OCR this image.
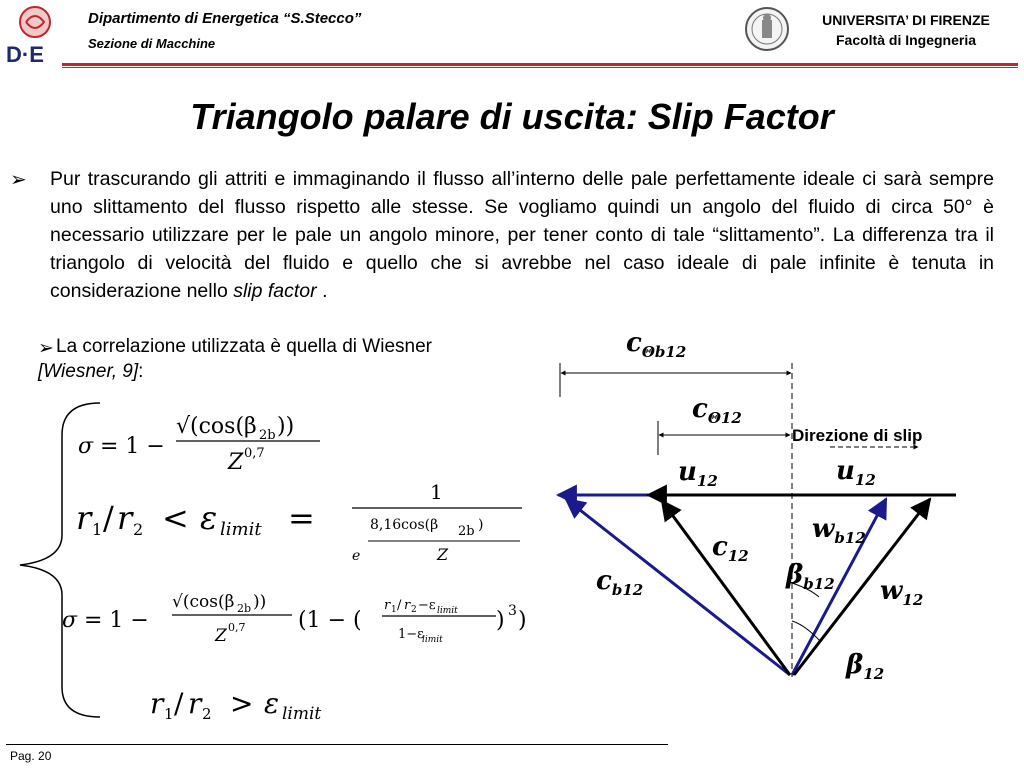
D·E
Dipartimento di Energetica “S.Stecco”
Sezione di Macchine
UNIVERSITA’ DI FIRENZE
Facoltà di Ingegneria
Triangolo palare di uscita: Slip Factor
➢ Pur trascurando gli attriti e immaginando il flusso all’interno delle pale perfettamente ideale ci sarà sempre uno slittamento del flusso rispetto alle stesse. Se vogliamo quindi un angolo del fluido di circa 50° è necessario utilizzare per le pale un angolo minore, per tener conto di tale “slittamento”. La differenza tra il triangolo di velocità del fluido e quello che si avrebbe nel caso ideale di pale infinite è tenuta in considerazione nello slip factor .
➢ La correlazione utilizzata è quella di Wiesner
[Wiesner, 9]:
σ = 1 −
√(cos(β 2b ))
Z 0,7
r 1 / r 2 < ε limit =
1
e
8,16cos(β 2b )
Z
σ = 1 −
√(cos(β 2b ))
Z 0,7 (1 − (
r 1 / r 2 −ε limit
1−ε
limit
) 3 )
r 1 / r 2 > ε limit
$c_{\Theta b12}$
$c_{\Theta 12}$
$u_{12}$	$u_{12}$
$c_{12}$
$c_{b12}$
$w_{b12}$
$w_{12}$
$\beta_{b12}$
$\beta_{12}$
Direzione di slip
Pag. 20
